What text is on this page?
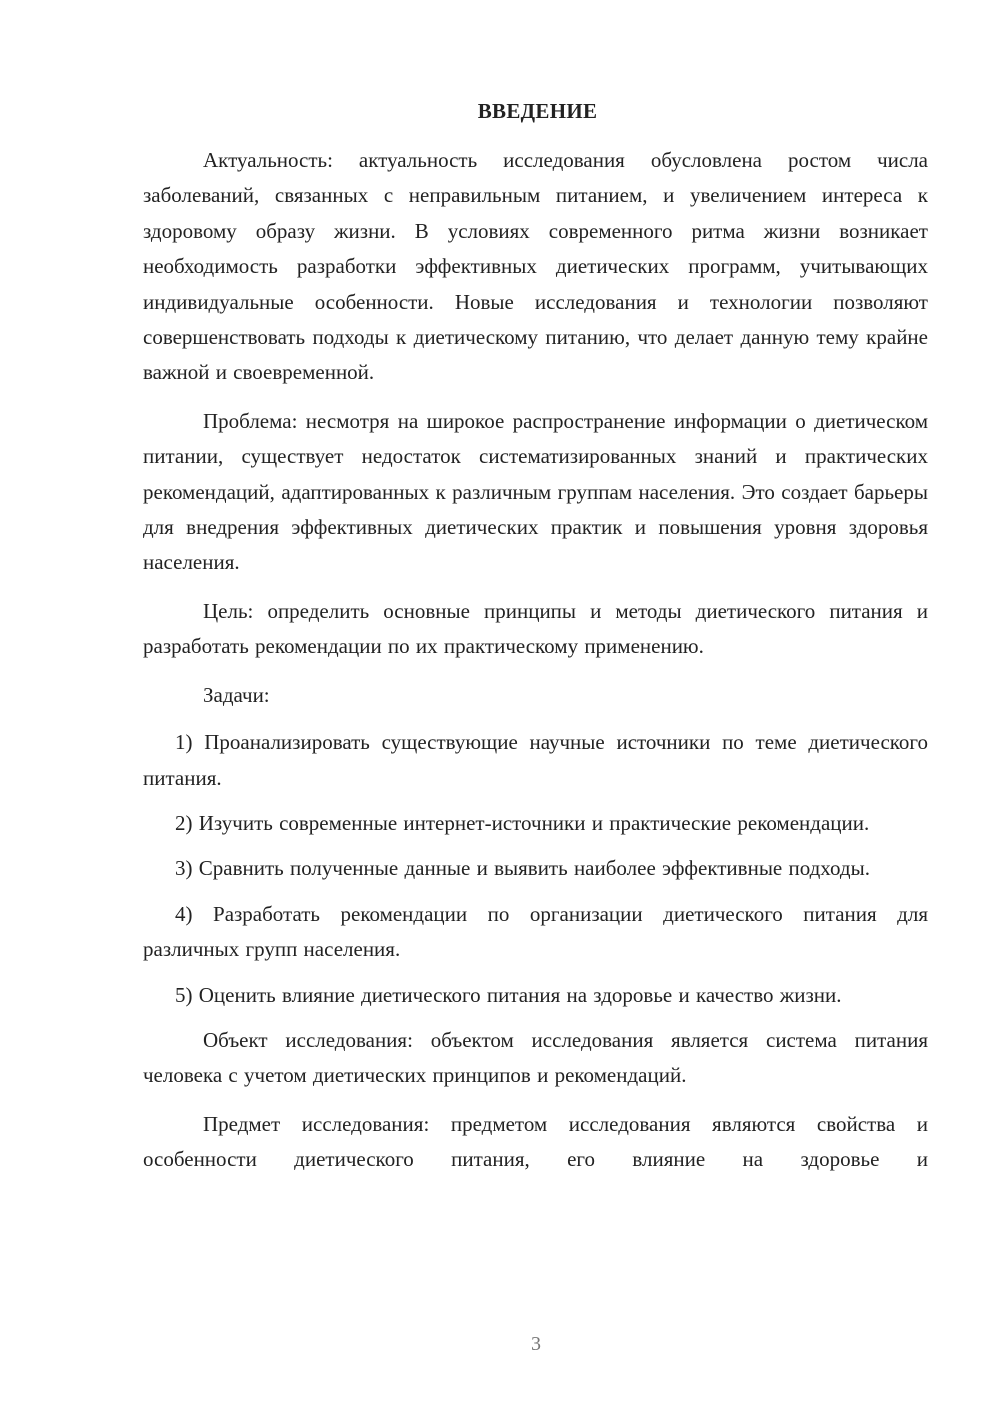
ВВЕДЕНИЕ

Актуальность: актуальность исследования обусловлена ростом числа заболеваний, связанных с неправильным питанием, и увеличением интереса к здоровому образу жизни. В условиях современного ритма жизни возникает необходимость разработки эффективных диетических программ, учитывающих индивидуальные особенности. Новые исследования и технологии позволяют совершенствовать подходы к диетическому питанию, что делает данную тему крайне важной и своевременной.

Проблема: несмотря на широкое распространение информации о диетическом питании, существует недостаток систематизированных знаний и практических рекомендаций, адаптированных к различным группам населения. Это создает барьеры для внедрения эффективных диетических практик и повышения уровня здоровья населения.

Цель: определить основные принципы и методы диетического питания и разработать рекомендации по их практическому применению.

Задачи:

1) Проанализировать существующие научные источники по теме диетического питания.

2) Изучить современные интернет-источники и практические рекомендации.

3) Сравнить полученные данные и выявить наиболее эффективные подходы.

4) Разработать рекомендации по организации диетического питания для различных групп населения.

5) Оценить влияние диетического питания на здоровье и качество жизни.

Объект исследования: объектом исследования является система питания человека с учетом диетических принципов и рекомендаций.

Предмет исследования: предметом исследования являются свойства и особенности диетического питания, его влияние на здоровье и

3
